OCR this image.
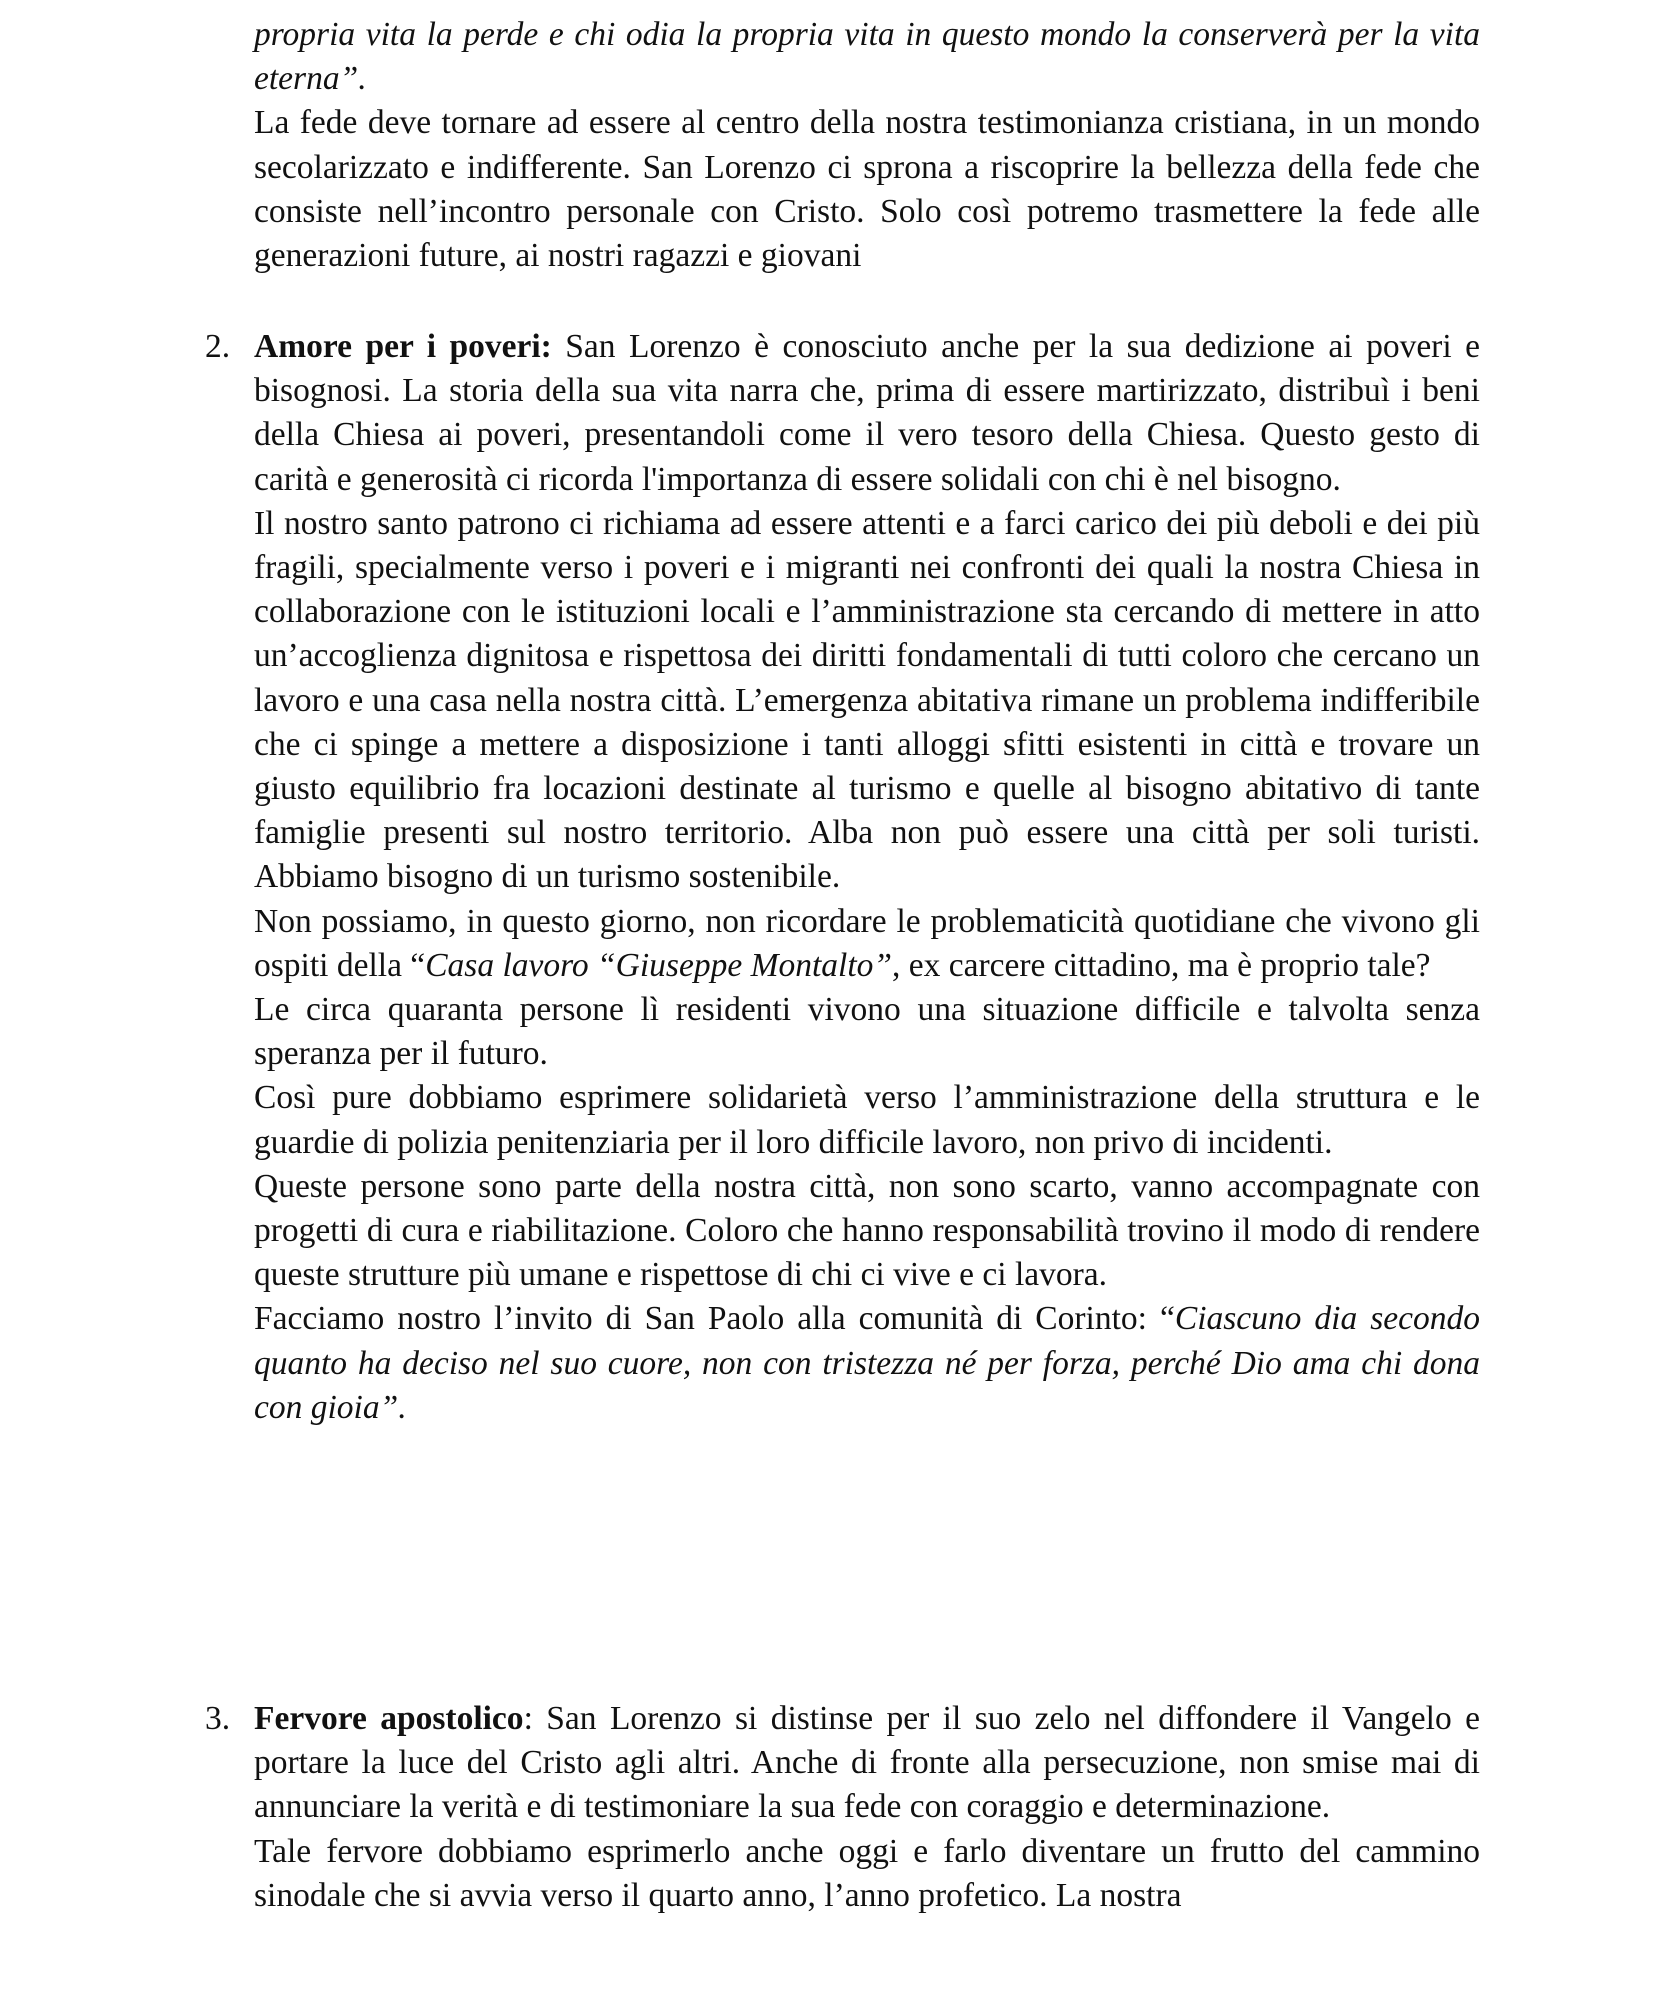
propria vita la perde e chi odia la propria vita in questo mondo la conserverà per la vita eterna”.

La fede deve tornare ad essere al centro della nostra testimonianza cristiana, in un mondo secolarizzato e indifferente. San Lorenzo ci sprona a riscoprire la bellezza della fede che consiste nell’incontro personale con Cristo. Solo così potremo trasmettere la fede alle generazioni future, ai nostri ragazzi e giovani

2. Amore per i poveri: San Lorenzo è conosciuto anche per la sua dedizione ai poveri e bisognosi. La storia della sua vita narra che, prima di essere martirizzato, distribuì i beni della Chiesa ai poveri, presentandoli come il vero tesoro della Chiesa. Questo gesto di carità e generosità ci ricorda l'importanza di essere solidali con chi è nel bisogno.

Il nostro santo patrono ci richiama ad essere attenti e a farci carico dei più deboli e dei più fragili, specialmente verso i poveri e i migranti nei confronti dei quali la nostra Chiesa in collaborazione con le istituzioni locali e l’amministrazione sta cercando di mettere in atto un’accoglienza dignitosa e rispettosa dei diritti fondamentali di tutti coloro che cercano un lavoro e una casa nella nostra città. L’emergenza abitativa rimane un problema indifferibile che ci spinge a mettere a disposizione i tanti alloggi sfitti esistenti in città e trovare un giusto equilibrio fra locazioni destinate al turismo e quelle al bisogno abitativo di tante famiglie presenti sul nostro territorio. Alba non può essere una città per soli turisti. Abbiamo bisogno di un turismo sostenibile.

Non possiamo, in questo giorno, non ricordare le problematicità quotidiane che vivono gli ospiti della “Casa lavoro “Giuseppe Montalto”, ex carcere cittadino, ma è proprio tale?

Le circa quaranta persone lì residenti vivono una situazione difficile e talvolta senza speranza per il futuro.

Così pure dobbiamo esprimere solidarietà verso l’amministrazione della struttura e le guardie di polizia penitenziaria per il loro difficile lavoro, non privo di incidenti.

Queste persone sono parte della nostra città, non sono scarto, vanno accompagnate con progetti di cura e riabilitazione. Coloro che hanno responsabilità trovino il modo di rendere queste strutture più umane e rispettose di chi ci vive e ci lavora.

Facciamo nostro l’invito di San Paolo alla comunità di Corinto: “Ciascuno dia secondo quanto ha deciso nel suo cuore, non con tristezza né per forza, perché Dio ama chi dona con gioia”.

3. Fervore apostolico: San Lorenzo si distinse per il suo zelo nel diffondere il Vangelo e portare la luce del Cristo agli altri. Anche di fronte alla persecuzione, non smise mai di annunciare la verità e di testimoniare la sua fede con coraggio e determinazione.

Tale fervore dobbiamo esprimerlo anche oggi e farlo diventare un frutto del cammino sinodale che si avvia verso il quarto anno, l’anno profetico. La nostra
